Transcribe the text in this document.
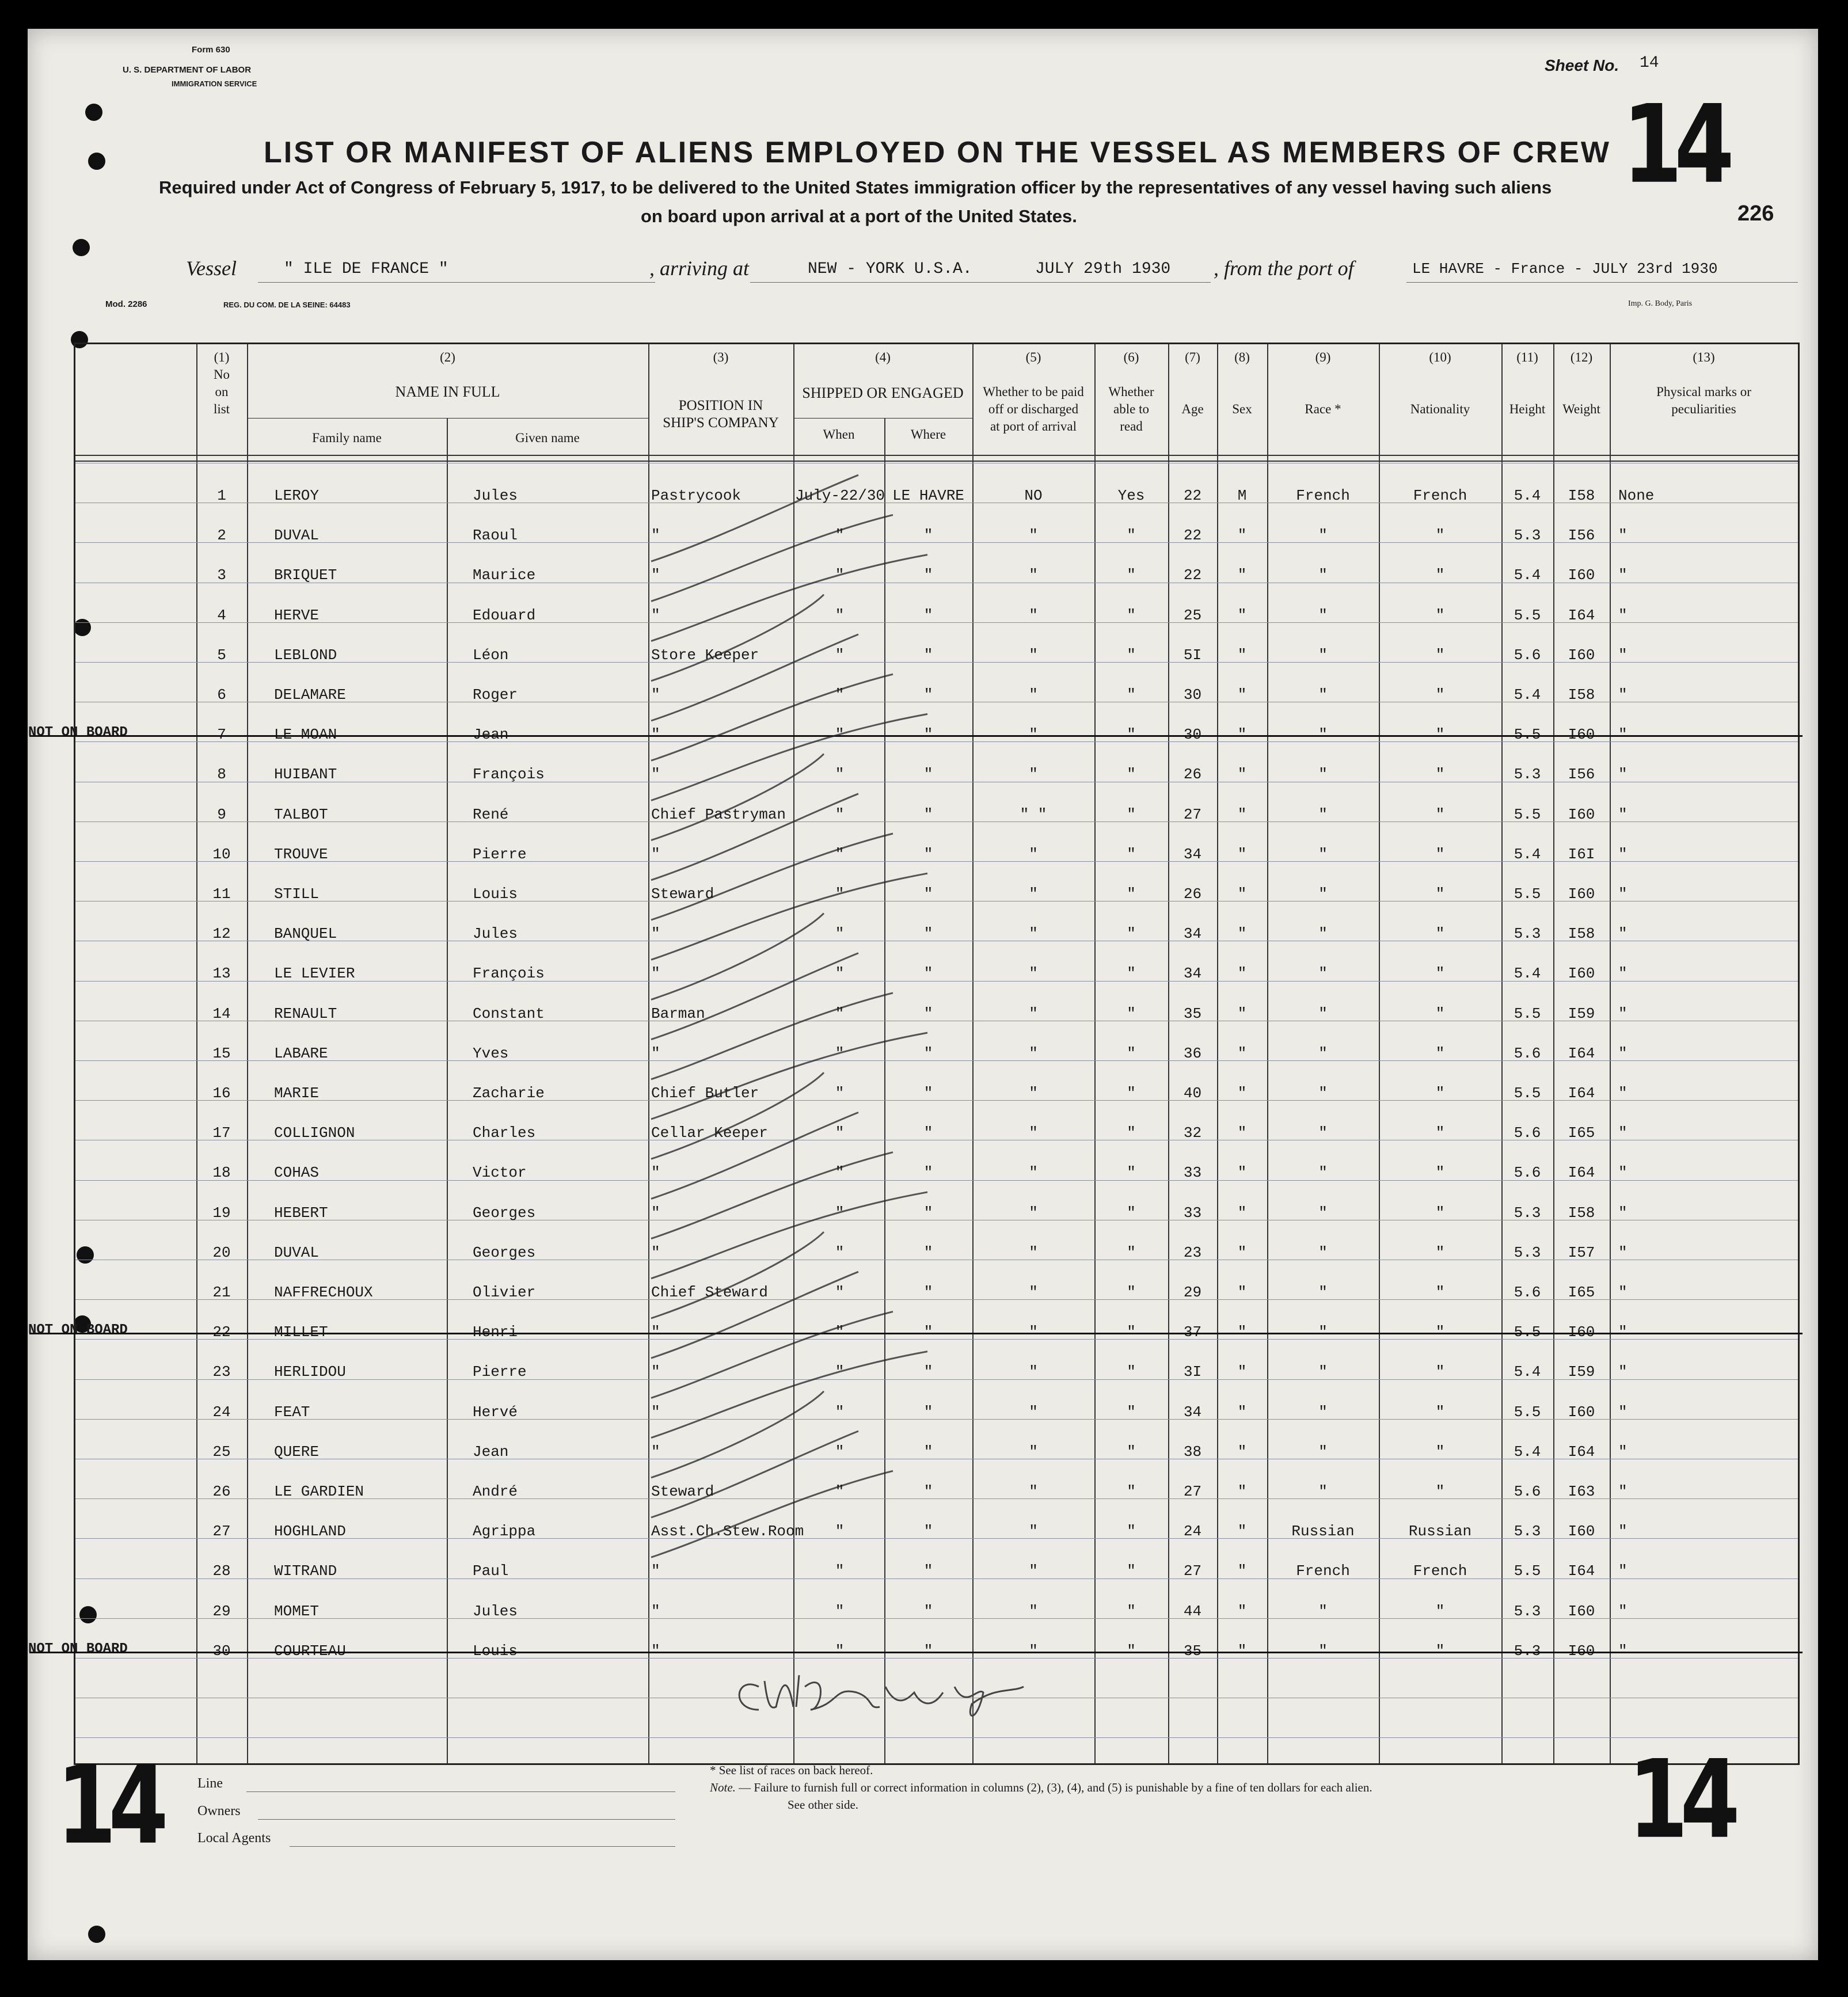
Form 630
U. S. DEPARTMENT OF LABOR
IMMIGRATION SERVICE
Sheet No. 14
14
226
LIST OR MANIFEST OF ALIENS EMPLOYED ON THE VESSEL AS MEMBERS OF CREW
Required under Act of Congress of February 5, 1917, to be delivered to the United States immigration officer by the representatives of any vessel having such aliens
on board upon arrival at a port of the United States.
Vessel	" ILE DE FRANCE "	, arriving at	NEW - YORK U.S.A.	JULY 29th 1930 , from the port of	LE HAVRE - France - JULY 23rd 1930
Mod. 2286	REG. DU COM. DE LA SEINE: 64483	Imp. G. Body, Paris
(1)
No
on
list
(2)
NAME IN FULL
Family name	Given name
(3)
POSITION IN
SHIP'S COMPANY
(4)
SHIPPED OR ENGAGED
When	Where
(5)

Whether to be paid
off or discharged
at port of arrival
(6)

Whether
able to
read
(7)

Age
(8)

Sex
(9)

Race *
(10)

Nationality
(11)

Height
(12)

Weight
(13)

Physical marks or
peculiarities
1	LEROY	Jules	Pastrycook	July-22/30 LE HAVRE	NO	Yes	22	M	French	French	5.4	I58	None
2	DUVAL	Raoul	"	"	"	"	"	22	"	"	"	5.3	I56	"
3	BRIQUET	Maurice	"	"	"	"	"	22	"	"	"	5.4	I60	"
4	HERVE	Edouard	"	"	"	"	"	25	"	"	"	5.5	I64	"
5	LEBLOND	Léon	Store Keeper	"	"	"	"	5I	"	"	"	5.6	I60	"
6	DELAMARE	Roger	"	"	"	"	"	30	"	"	"	5.4	I58	"
7	LE MOAN	Jean	"	"	"	"	"	30	"	"	"	5.5	I60	"
NOT ON BOARD
8	HUIBANT	François	"	"	"	"	"	26	"	"	"	5.3	I56	"
9	TALBOT	René	Chief Pastryman	"	"	" "	"	27	"	"	"	5.5	I60	"
10	TROUVE	Pierre	"	"	"	"	"	34	"	"	"	5.4	I6I	"
11	STILL	Louis	Steward	"	"	"	"	26	"	"	"	5.5	I60	"
12	BANQUEL	Jules	"	"	"	"	"	34	"	"	"	5.3	I58	"
13	LE LEVIER	François	"	"	"	"	"	34	"	"	"	5.4	I60	"
14	RENAULT	Constant	Barman	"	"	"	"	35	"	"	"	5.5	I59	"
15	LABARE	Yves	"	"	"	"	"	36	"	"	"	5.6	I64	"
16	MARIE	Zacharie	Chief Butler	"	"	"	"	40	"	"	"	5.5	I64	"
17	COLLIGNON	Charles	Cellar Keeper	"	"	"	"	32	"	"	"	5.6	I65	"
18	COHAS	Victor	"	"	"	"	"	33	"	"	"	5.6	I64	"
19	HEBERT	Georges	"	"	"	"	"	33	"	"	"	5.3	I58	"
20	DUVAL	Georges	"	"	"	"	"	23	"	"	"	5.3	I57	"
21	NAFFRECHOUX	Olivier	Chief Steward	"	"	"	"	29	"	"	"	5.6	I65	"
22	MILLET	Henri	"	"	"	"	"	37	"	"	"	5.5	I60	"
NOT ON BOARD
23	HERLIDOU	Pierre	"	"	"	"	"	3I	"	"	"	5.4	I59	"
24	FEAT	Hervé	"	"	"	"	"	34	"	"	"	5.5	I60	"
25	QUERE	Jean	"	"	"	"	"	38	"	"	"	5.4	I64	"
26	LE GARDIEN	André	Steward	"	"	"	"	27	"	"	"	5.6	I63	"
27	HOGHLAND	Agrippa	Asst.Ch.Stew.Room	"	"	"	"	24	"	Russian	Russian	5.3	I60	"
28	WITRAND	Paul	"	"	"	"	"	27	"	French	French	5.5	I64	"
29	MOMET	Jules	"	"	"	"	"	44	"	"	"	5.3	I60	"
30	COURTEAU	Louis	"	"	"	"	"	35	"	"	"	5.3	I60	"
NOT ON BOARD
Line
Owners
Local Agents
* See list of races on back hereof.
Note. — Failure to furnish full or correct information in columns (2), (3), (4), and (5) is punishable by a fine of ten dollars for each alien.
See other side.
14	14
